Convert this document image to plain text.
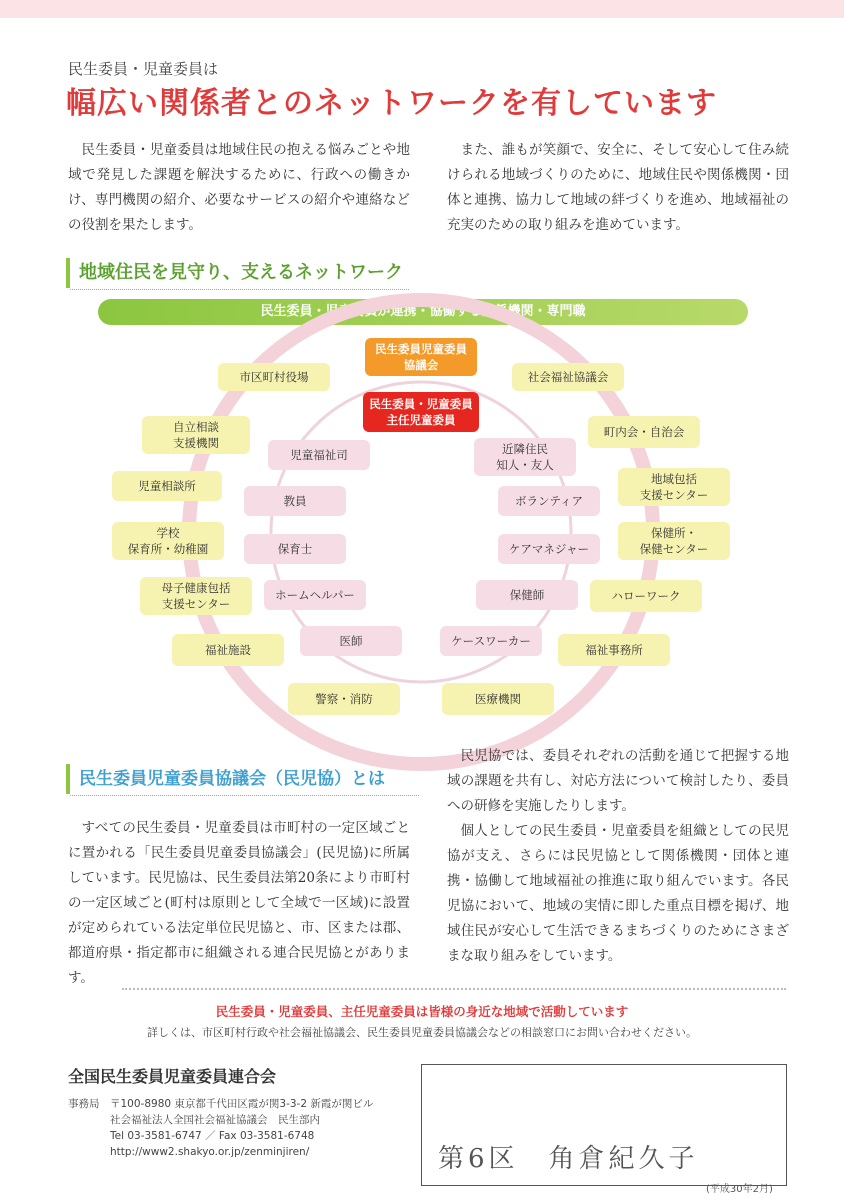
民生委員・児童委員は
幅広い関係者とのネットワークを有しています
民生委員・児童委員は地域住民の抱える悩みごとや地域で発見した課題を解決するために、行政への働きかけ、専門機関の紹介、必要なサービスの紹介や連絡などの役割を果たします。
また、誰もが笑顔で、安全に、そして安心して住み続けられる地域づくりのために、地域住民や関係機関・団体と連携、協力して地域の絆づくりを進め、地域福祉の充実のための取り組みを進めています。
地域住民を見守り、支えるネットワーク
民生委員・児童委員が連携・協働する関係機関・専門職
民生委員児童委員
協議会
民生委員・児童委員
主任児童委員
市区町村役場
自立相談
支援機関
児童相談所
学校
保育所・幼稚園
母子健康包括
支援センター
福祉施設
警察・消防
社会福祉協議会
町内会・自治会
地域包括
支援センター
保健所・
保健センター
ハローワーク
福祉事務所
医療機関
児童福祉司
教員
保育士
ホームヘルパー
医師
近隣住民
知人・友人
ボランティア
ケアマネジャー
保健師
ケースワーカー
民生委員児童委員協議会（民児協）とは
すべての民生委員・児童委員は市町村の一定区域ごとに置かれる「民生委員児童委員協議会」(民児協)に所属しています。民児協は、民生委員法第20条により市町村の一定区域ごと(町村は原則として全域で一区域)に設置が定められている法定単位民児協と、市、区または郡、都道府県・指定都市に組織される連合民児協とがあります。
民児協では、委員それぞれの活動を通じて把握する地域の課題を共有し、対応方法について検討したり、委員への研修を実施したりします。
個人としての民生委員・児童委員を組織としての民児協が支え、さらには民児協として関係機関・団体と連携・協働して地域福祉の推進に取り組んでいます。各民児協において、地域の実情に即した重点目標を掲げ、地域住民が安心して生活できるまちづくりのためにさまざまな取り組みをしています。
民生委員・児童委員、主任児童委員は皆様の身近な地域で活動しています
詳しくは、市区町村行政や社会福祉協議会、民生委員児童委員協議会などの相談窓口にお問い合わせください。
全国民生委員児童委員連合会
事務局 〒100-8980 東京都千代田区霞が関3-3-2 新霞が関ビル
社会福祉法人全国社会福祉協議会　民生部内
Tel 03-3581-6747 ／ Fax 03-3581-6748
http://www2.shakyo.or.jp/zenminjiren/	第6区　角倉紀久子
(平成30年2月)
